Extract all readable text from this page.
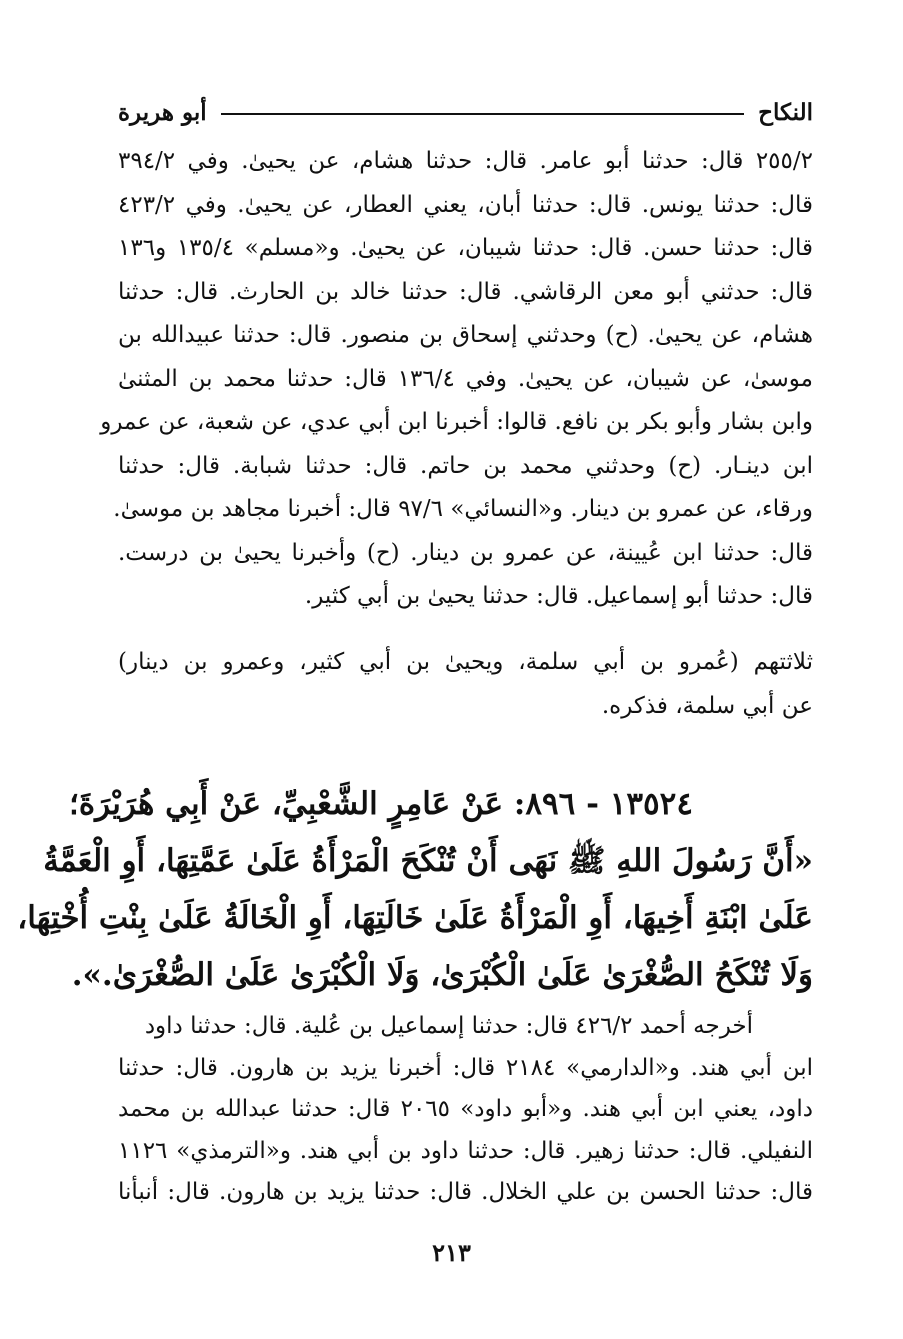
النكاح
أبو هريرة
٢٥٥/٢ قال: حدثنا أبو عامر. قال: حدثنا هشام، عن يحيىٰ. وفي ٣٩٤/٢
قال: حدثنا يونس. قال: حدثنا أبان، يعني العطار، عن يحيىٰ. وفي ٤٢٣/٢
قال: حدثنا حسن. قال: حدثنا شيبان، عن يحيىٰ. و«مسلم» ١٣٥/٤ و١٣٦
قال: حدثني أبو معن الرقاشي. قال: حدثنا خالد بن الحارث. قال: حدثنا
هشام، عن يحيىٰ. (ح) وحدثني إسحاق بن منصور. قال: حدثنا عبيدالله بن
موسىٰ، عن شيبان، عن يحيىٰ. وفي ١٣٦/٤ قال: حدثنا محمد بن المثنىٰ
وابن بشار وأبو بكر بن نافع. قالوا: أخبرنا ابن أبي عدي، عن شعبة، عن عمرو
ابن دينـار. (ح) وحدثني محمد بن حاتم. قال: حدثنا شبابة. قال: حدثنا
ورقاء، عن عمرو بن دينار. و«النسائي» ٩٧/٦ قال: أخبرنا مجاهد بن موسىٰ.
قال: حدثنا ابن عُيينة، عن عمرو بن دينار. (ح) وأخبرنا يحيىٰ بن درست.
قال: حدثنا أبو إسماعيل. قال: حدثنا يحيىٰ بن أبي كثير.
ثلاثتهم (عُمرو بن أبي سلمة، ويحيىٰ بن أبي كثير، وعمرو بن دينار)
عن أبي سلمة، فذكره.
١٣٥٢٤ - ٨٩٦: عَنْ عَامِرٍ الشَّعْبِيِّ، عَنْ أَبِي هُرَيْرَةَ؛
«أَنَّ رَسُولَ اللهِ ﷺ نَهَى أَنْ تُنْكَحَ الْمَرْأَةُ عَلَىٰ عَمَّتِهَا، أَوِ الْعَمَّةُ
عَلَىٰ ابْنَةِ أَخِيهَا، أَوِ الْمَرْأَةُ عَلَىٰ خَالَتِهَا، أَوِ الْخَالَةُ عَلَىٰ بِنْتِ أُخْتِهَا،
وَلَا تُنْكَحُ الصُّغْرَىٰ عَلَىٰ الْكُبْرَىٰ، وَلَا الْكُبْرَىٰ عَلَىٰ الصُّغْرَىٰ.».
أخرجه أحمد ٤٢٦/٢ قال: حدثنا إسماعيل بن عُلية. قال: حدثنا داود
ابن أبي هند. و«الدارمي» ٢١٨٤ قال: أخبرنا يزيد بن هارون. قال: حدثنا
داود، يعني ابن أبي هند. و«أبو داود» ٢٠٦٥ قال: حدثنا عبدالله بن محمد
النفيلي. قال: حدثنا زهير. قال: حدثنا داود بن أبي هند. و«الترمذي» ١١٢٦
قال: حدثنا الحسن بن علي الخلال. قال: حدثنا يزيد بن هارون. قال: أنبأنا
٢١٣
